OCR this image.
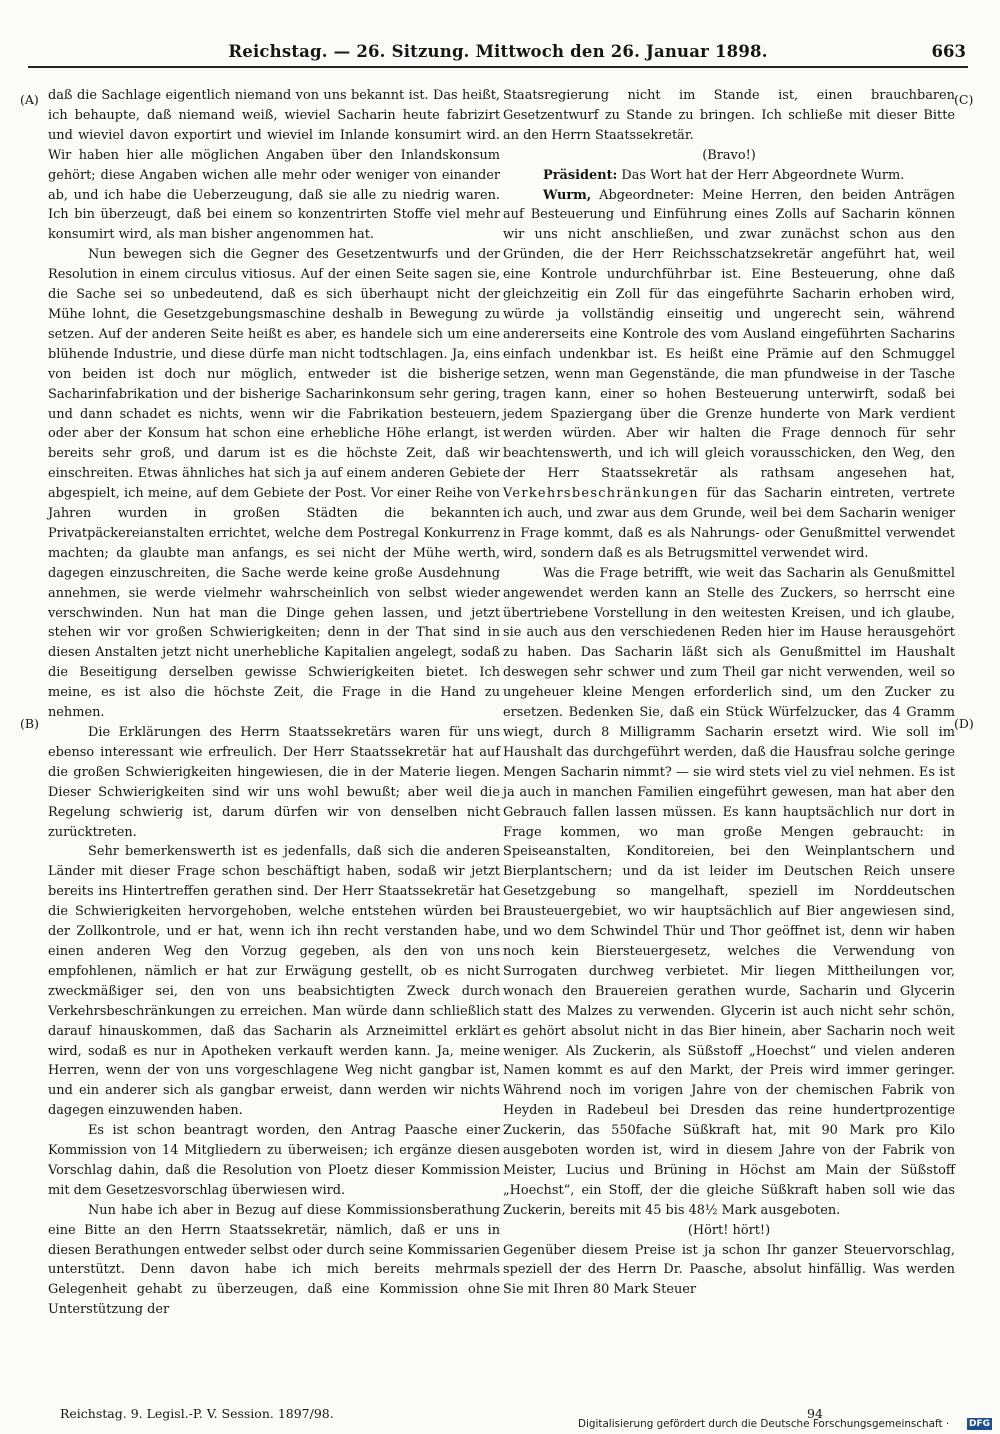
Reichstag. — 26. Sitzung. Mittwoch den 26. Januar 1898.	663
(A)
(B)
(C)
(D)

daß die Sachlage eigentlich niemand von uns bekannt ist. Das heißt, ich behaupte, daß niemand weiß, wieviel Sacharin heute fabrizirt und wieviel davon exportirt und wieviel im Inlande konsumirt wird. Wir haben hier alle möglichen Angaben über den Inlandskonsum gehört; diese Angaben wichen alle mehr oder weniger von einander ab, und ich habe die Ueberzeugung, daß sie alle zu niedrig waren. Ich bin überzeugt, daß bei einem so konzentrirten Stoffe viel mehr konsumirt wird, als man bisher angenommen hat.

Nun bewegen sich die Gegner des Gesetzentwurfs und der Resolution in einem circulus vitiosus. Auf der einen Seite sagen sie, die Sache sei so unbedeutend, daß es sich überhaupt nicht der Mühe lohnt, die Gesetzgebungsmaschine deshalb in Bewegung zu setzen. Auf der anderen Seite heißt es aber, es handele sich um eine blühende Industrie, und diese dürfe man nicht todtschlagen. Ja, eins von beiden ist doch nur möglich, entweder ist die bisherige Sacharinfabrikation und der bisherige Sacharinkonsum sehr gering, und dann schadet es nichts, wenn wir die Fabrikation besteuern, oder aber der Konsum hat schon eine erhebliche Höhe erlangt, ist bereits sehr groß, und darum ist es die höchste Zeit, daß wir einschreiten. Etwas ähnliches hat sich ja auf einem anderen Gebiete abgespielt, ich meine, auf dem Gebiete der Post. Vor einer Reihe von Jahren wurden in großen Städten die bekannten Privatpäckereianstalten errichtet, welche dem Postregal Konkurrenz machten; da glaubte man anfangs, es sei nicht der Mühe werth, dagegen einzuschreiten, die Sache werde keine große Ausdehnung annehmen, sie werde vielmehr wahrscheinlich von selbst wieder verschwinden. Nun hat man die Dinge gehen lassen, und jetzt stehen wir vor großen Schwierigkeiten; denn in der That sind in diesen Anstalten jetzt nicht unerhebliche Kapitalien angelegt, sodaß die Beseitigung derselben gewisse Schwierigkeiten bietet. Ich meine, es ist also die höchste Zeit, die Frage in die Hand zu nehmen.

Die Erklärungen des Herrn Staatssekretärs waren für uns ebenso interessant wie erfreulich. Der Herr Staatssekretär hat auf die großen Schwierigkeiten hingewiesen, die in der Materie liegen. Dieser Schwierigkeiten sind wir uns wohl bewußt; aber weil die Regelung schwierig ist, darum dürfen wir von denselben nicht zurücktreten.

Sehr bemerkenswerth ist es jedenfalls, daß sich die anderen Länder mit dieser Frage schon beschäftigt haben, sodaß wir jetzt bereits ins Hintertreffen gerathen sind. Der Herr Staatssekretär hat die Schwierigkeiten hervorgehoben, welche entstehen würden bei der Zollkontrole, und er hat, wenn ich ihn recht verstanden habe, einen anderen Weg den Vorzug gegeben, als den von uns empfohlenen, nämlich er hat zur Erwägung gestellt, ob es nicht zweckmäßiger sei, den von uns beabsichtigten Zweck durch Verkehrsbeschränkungen zu erreichen. Man würde dann schließlich darauf hinauskommen, daß das Sacharin als Arzneimittel erklärt wird, sodaß es nur in Apotheken verkauft werden kann. Ja, meine Herren, wenn der von uns vorgeschlagene Weg nicht gangbar ist, und ein anderer sich als gangbar erweist, dann werden wir nichts dagegen einzuwenden haben.

Es ist schon beantragt worden, den Antrag Paasche einer Kommission von 14 Mitgliedern zu überweisen; ich ergänze diesen Vorschlag dahin, daß die Resolution von Ploetz dieser Kommission mit dem Gesetzesvorschlag überwiesen wird.

Nun habe ich aber in Bezug auf diese Kommissionsberathung eine Bitte an den Herrn Staatssekretär, nämlich, daß er uns in diesen Berathungen entweder selbst oder durch seine Kommissarien unterstützt. Denn davon habe ich mich bereits mehrmals Gelegenheit gehabt zu überzeugen, daß eine Kommission ohne Unterstützung der

Staatsregierung nicht im Stande ist, einen brauchbaren Gesetzentwurf zu Stande zu bringen. Ich schließe mit dieser Bitte an den Herrn Staatssekretär.

(Bravo!)

Präsident: Das Wort hat der Herr Abgeordnete Wurm.

Wurm, Abgeordneter: Meine Herren, den beiden Anträgen auf Besteuerung und Einführung eines Zolls auf Sacharin können wir uns nicht anschließen, und zwar zunächst schon aus den Gründen, die der Herr Reichsschatzsekretär angeführt hat, weil eine Kontrole undurchführbar ist. Eine Besteuerung, ohne daß gleichzeitig ein Zoll für das eingeführte Sacharin erhoben wird, würde ja vollständig einseitig und ungerecht sein, während andererseits eine Kontrole des vom Ausland eingeführten Sacharins einfach undenkbar ist. Es heißt eine Prämie auf den Schmuggel setzen, wenn man Gegenstände, die man pfundweise in der Tasche tragen kann, einer so hohen Besteuerung unterwirft, sodaß bei jedem Spaziergang über die Grenze hunderte von Mark verdient werden würden. Aber wir halten die Frage dennoch für sehr beachtenswerth, und ich will gleich vorausschicken, den Weg, den der Herr Staatssekretär als rathsam angesehen hat, Verkehrsbeschränkungen für das Sacharin eintreten, vertrete ich auch, und zwar aus dem Grunde, weil bei dem Sacharin weniger in Frage kommt, daß es als Nahrungs- oder Genußmittel verwendet wird, sondern daß es als Betrugsmittel verwendet wird.

Was die Frage betrifft, wie weit das Sacharin als Genußmittel angewendet werden kann an Stelle des Zuckers, so herrscht eine übertriebene Vorstellung in den weitesten Kreisen, und ich glaube, sie auch aus den verschiedenen Reden hier im Hause herausgehört zu haben. Das Sacharin läßt sich als Genußmittel im Haushalt deswegen sehr schwer und zum Theil gar nicht verwenden, weil so ungeheuer kleine Mengen erforderlich sind, um den Zucker zu ersetzen. Bedenken Sie, daß ein Stück Würfelzucker, das 4 Gramm wiegt, durch 8 Milligramm Sacharin ersetzt wird. Wie soll im Haushalt das durchgeführt werden, daß die Hausfrau solche geringe Mengen Sacharin nimmt? — sie wird stets viel zu viel nehmen. Es ist ja auch in manchen Familien eingeführt gewesen, man hat aber den Gebrauch fallen lassen müssen. Es kann hauptsächlich nur dort in Frage kommen, wo man große Mengen gebraucht: in Speiseanstalten, Konditoreien, bei den Weinplantschern und Bierplantschern; und da ist leider im Deutschen Reich unsere Gesetzgebung so mangelhaft, speziell im Norddeutschen Brausteuergebiet, wo wir hauptsächlich auf Bier angewiesen sind, und wo dem Schwindel Thür und Thor geöffnet ist, denn wir haben noch kein Biersteuergesetz, welches die Verwendung von Surrogaten durchweg verbietet. Mir liegen Mittheilungen vor, wonach den Brauereien gerathen wurde, Sacharin und Glycerin statt des Malzes zu verwenden. Glycerin ist auch nicht sehr schön, es gehört absolut nicht in das Bier hinein, aber Sacharin noch weit weniger. Als Zuckerin, als Süßstoff „Hoechst“ und vielen anderen Namen kommt es auf den Markt, der Preis wird immer geringer. Während noch im vorigen Jahre von der chemischen Fabrik von Heyden in Radebeul bei Dresden das reine hundertprozentige Zuckerin, das 550fache Süßkraft hat, mit 90 Mark pro Kilo ausgeboten worden ist, wird in diesem Jahre von der Fabrik von Meister, Lucius und Brüning in Höchst am Main der Süßstoff „Hoechst“, ein Stoff, der die gleiche Süßkraft haben soll wie das Zuckerin, bereits mit 45 bis 48½ Mark ausgeboten.

(Hört! hört!)

Gegenüber diesem Preise ist ja schon Ihr ganzer Steuervorschlag, speziell der des Herrn Dr. Paasche, absolut hinfällig. Was werden Sie mit Ihren 80 Mark Steuer

Reichstag. 9. Legisl.-P. V. Session. 1897/98.	94
Digitalisierung gefördert durch die Deutsche Forschungsgemeinschaft · DFG
